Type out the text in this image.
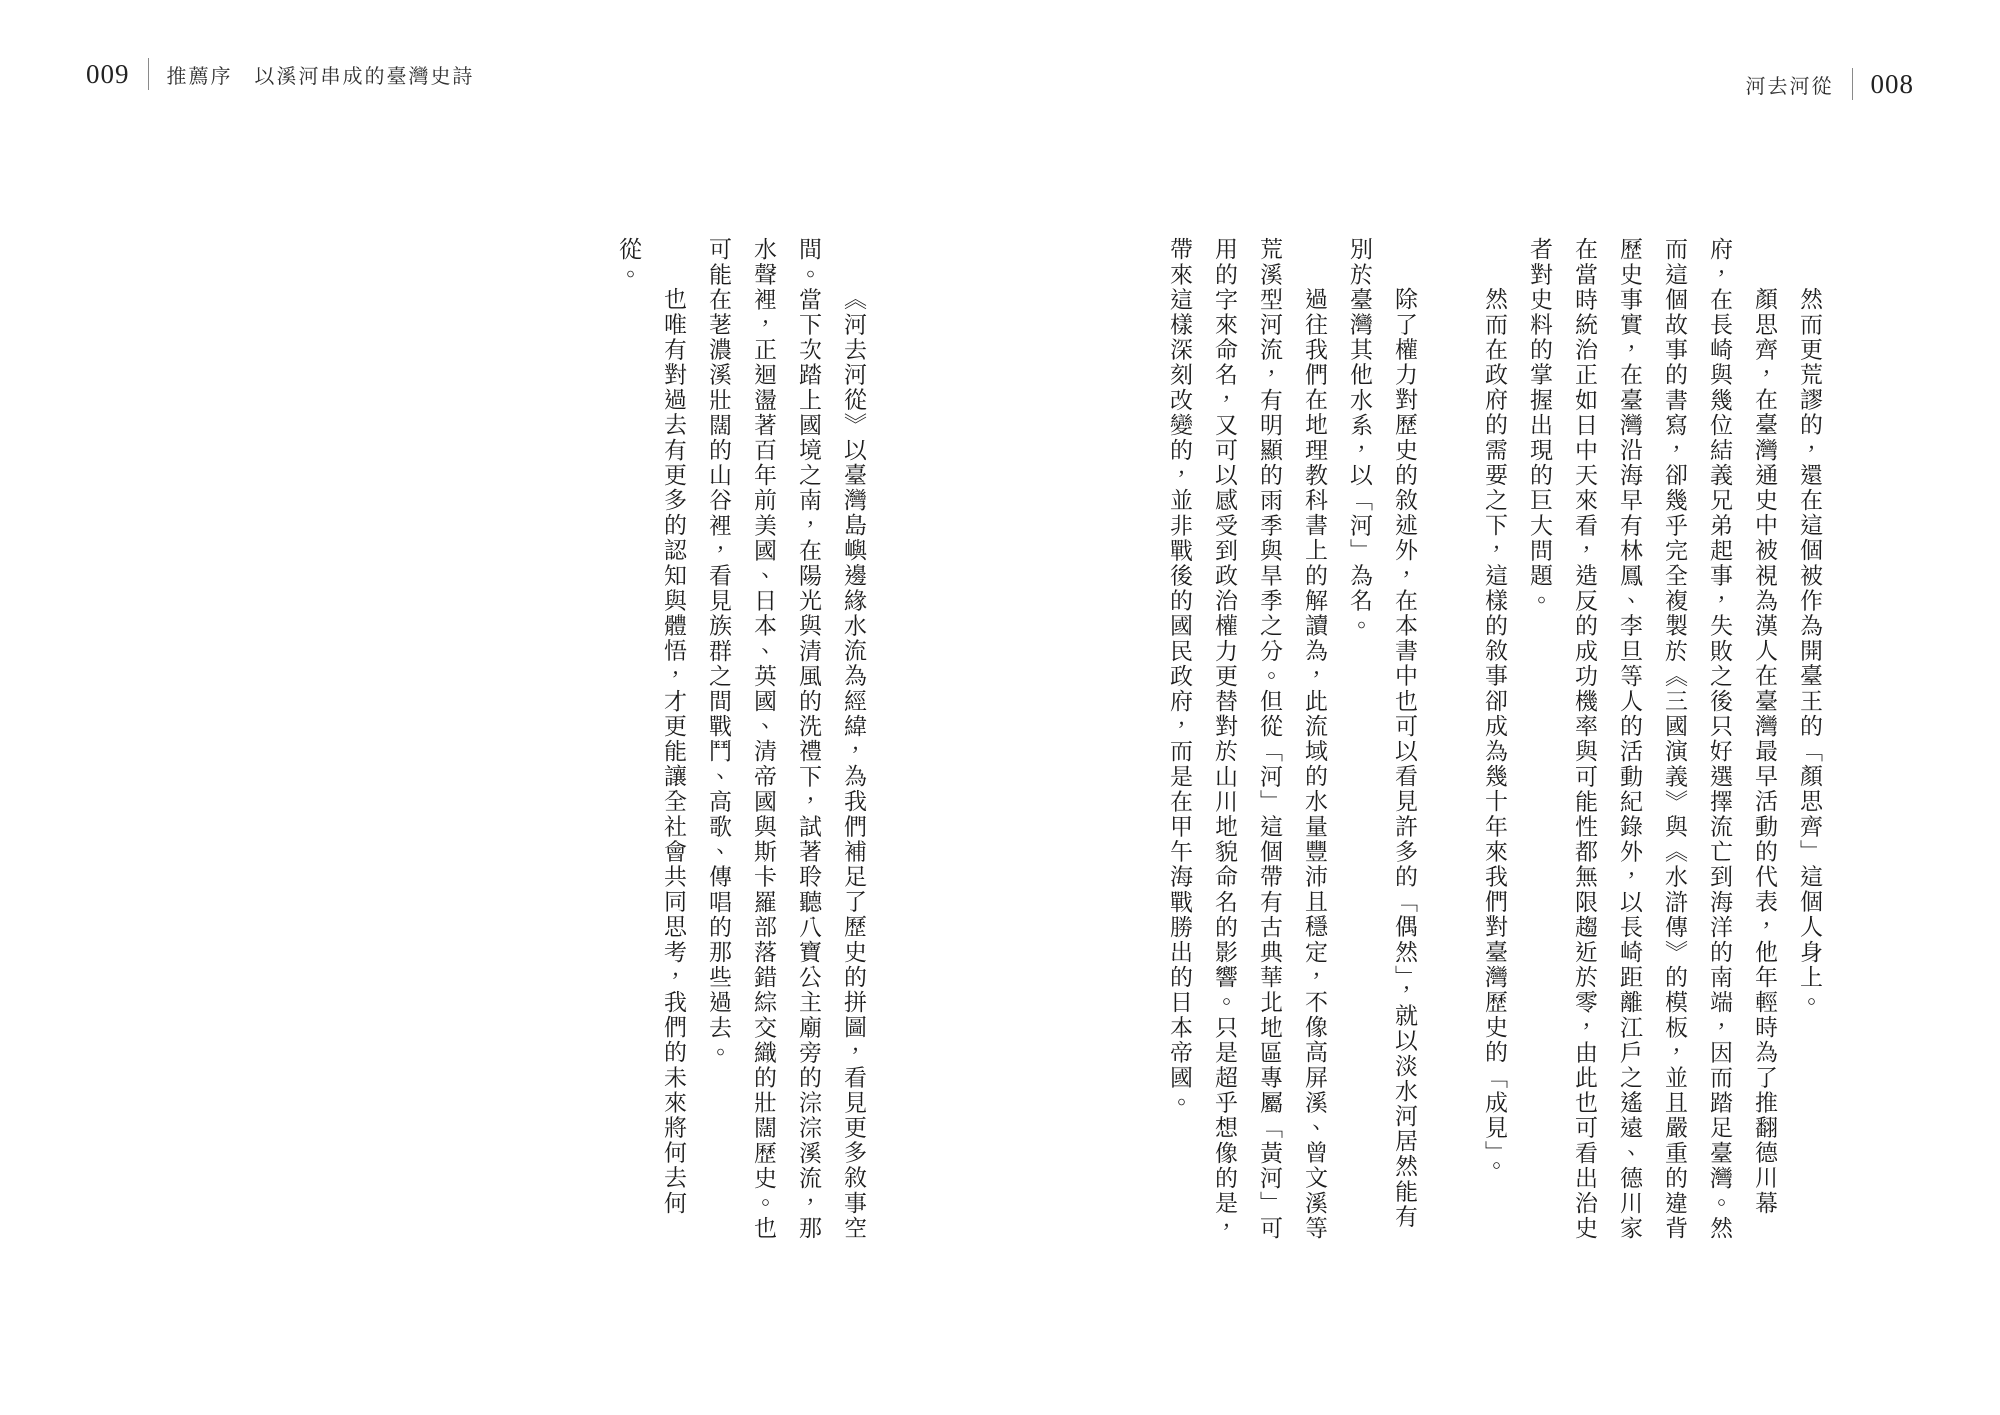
009 推薦序 以溪河串成的臺灣史詩	河去河從 008

然而更荒謬的，還在這個被作為開臺王的「顏思齊」這個人身上。

顏思齊，在臺灣通史中被視為漢人在臺灣最早活動的代表，他年輕時為了推翻德川幕府，在長崎與幾位結義兄弟起事，失敗之後只好選擇流亡到海洋的南端，因而踏足臺灣。然而這個故事的書寫，卻幾乎完全複製於《三國演義》與《水滸傳》的模板，並且嚴重的違背歷史事實，在臺灣沿海早有林鳳、李旦等人的活動紀錄外，以長崎距離江戶之遙遠、德川家在當時統治正如日中天來看，造反的成功機率與可能性都無限趨近於零，由此也可看出治史者對史料的掌握出現的巨大問題。

然而在政府的需要之下，這樣的敘事卻成為幾十年來我們對臺灣歷史的「成見」。

除了權力對歷史的敘述外，在本書中也可以看見許多的「偶然」，就以淡水河居然能有別於臺灣其他水系，以「河」為名。

過往我們在地理教科書上的解讀為，此流域的水量豐沛且穩定，不像高屏溪、曾文溪等荒溪型河流，有明顯的雨季與旱季之分。但從「河」這個帶有古典華北地區專屬「黃河」可用的字來命名，又可以感受到政治權力更替對於山川地貌命名的影響。只是超乎想像的是，帶來這樣深刻改變的，並非戰後的國民政府，而是在甲午海戰勝出的日本帝國。

《河去河從》以臺灣島嶼邊緣水流為經緯，為我們補足了歷史的拼圖，看見更多敘事空間。當下次踏上國境之南，在陽光與清風的洗禮下，試著聆聽八寶公主廟旁的淙淙溪流，那水聲裡，正迴盪著百年前美國、日本、英國、清帝國與斯卡羅部落錯綜交織的壯闊歷史。也可能在荖濃溪壯闊的山谷裡，看見族群之間戰鬥、高歌、傳唱的那些過去。

也唯有對過去有更多的認知與體悟，才更能讓全社會共同思考，我們的未來將何去何從。
